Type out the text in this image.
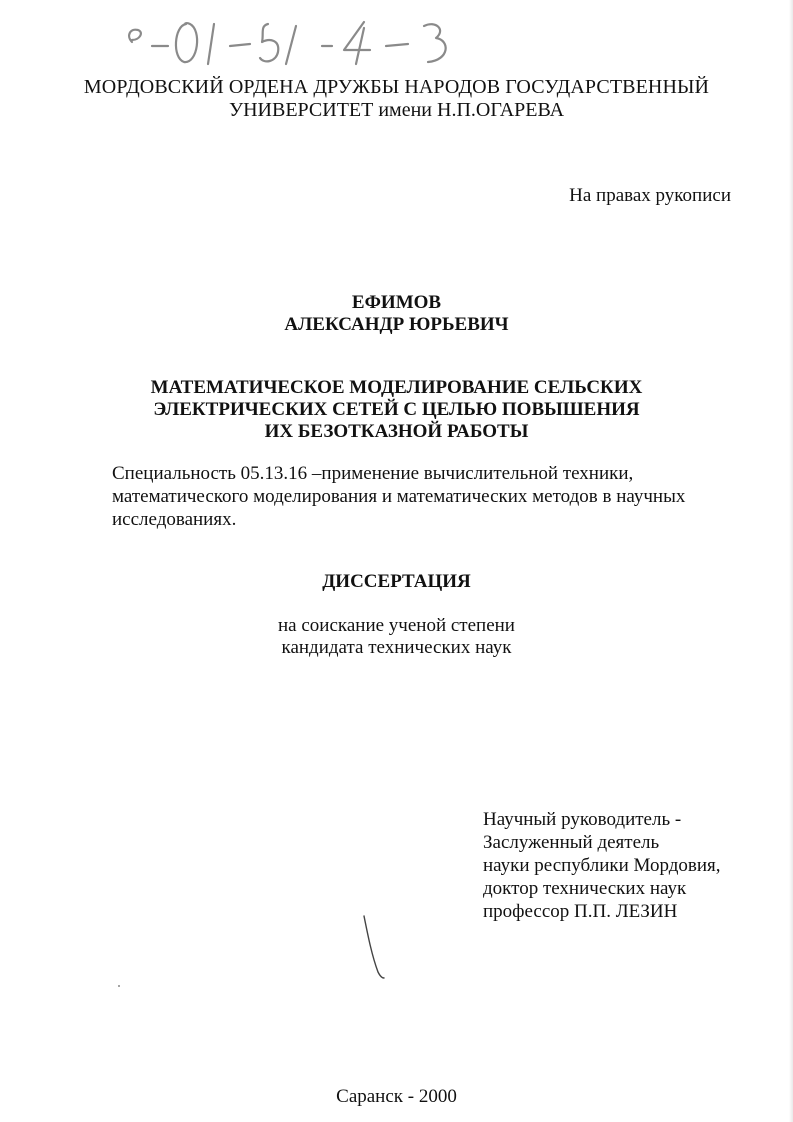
МОРДОВСКИЙ ОРДЕНА ДРУЖБЫ НАРОДОВ ГОСУДАРСТВЕННЫЙ
УНИВЕРСИТЕТ имени Н.П.ОГАРЕВА
На правах рукописи
ЕФИМОВ
АЛЕКСАНДР ЮРЬЕВИЧ
МАТЕМАТИЧЕСКОЕ МОДЕЛИРОВАНИЕ СЕЛЬСКИХ
ЭЛЕКТРИЧЕСКИХ СЕТЕЙ С ЦЕЛЬЮ ПОВЫШЕНИЯ
ИХ БЕЗОТКАЗНОЙ РАБОТЫ
Специальность 05.13.16 –применение вычислительной техники,
математического моделирования и математических методов в научных
исследованиях.
ДИССЕРТАЦИЯ
на соискание ученой степени
кандидата технических наук
Научный руководитель -
Заслуженный деятель
науки республики Мордовия,
доктор технических наук
профессор П.П. ЛЕЗИН
Саранск - 2000
